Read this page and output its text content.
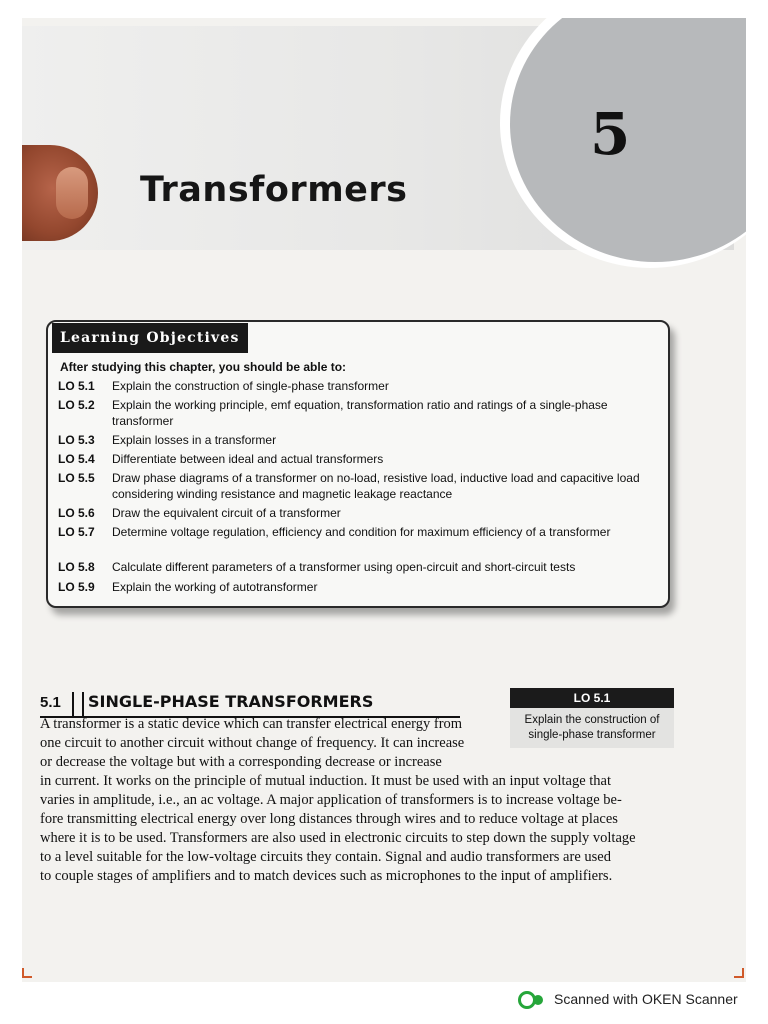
5
Transformers
Learning Objectives
After studying this chapter, you should be able to:
LO 5.1 Explain the construction of single-phase transformer
LO 5.2 Explain the working principle, emf equation, transformation ratio and ratings of a single-phase transformer
LO 5.3 Explain losses in a transformer
LO 5.4 Differentiate between ideal and actual transformers
LO 5.5 Draw phase diagrams of a transformer on no-load, resistive load, inductive load and capacitive load considering winding resistance and magnetic leakage reactance
LO 5.6 Draw the equivalent circuit of a transformer
LO 5.7 Determine voltage regulation, efficiency and condition for maximum efficiency of a transformer
LO 5.8 Calculate different parameters of a transformer using open-circuit and short-circuit tests
LO 5.9 Explain the working of autotransformer
5.1 SINGLE-PHASE TRANSFORMERS	LO 5.1
Explain the construction of single-phase transformer
A transformer is a static device which can transfer electrical energy from
one circuit to another circuit without change of frequency. It can increase
or decrease the voltage but with a corresponding decrease or increase
in current. It works on the principle of mutual induction. It must be used with an input voltage that
varies in amplitude, i.e., an ac voltage. A major application of transformers is to increase voltage be-
fore transmitting electrical energy over long distances through wires and to reduce voltage at places
where it is to be used. Transformers are also used in electronic circuits to step down the supply voltage
to a level suitable for the low-voltage circuits they contain. Signal and audio transformers are used
to couple stages of amplifiers and to match devices such as microphones to the input of amplifiers.
Scanned with OKEN Scanner
